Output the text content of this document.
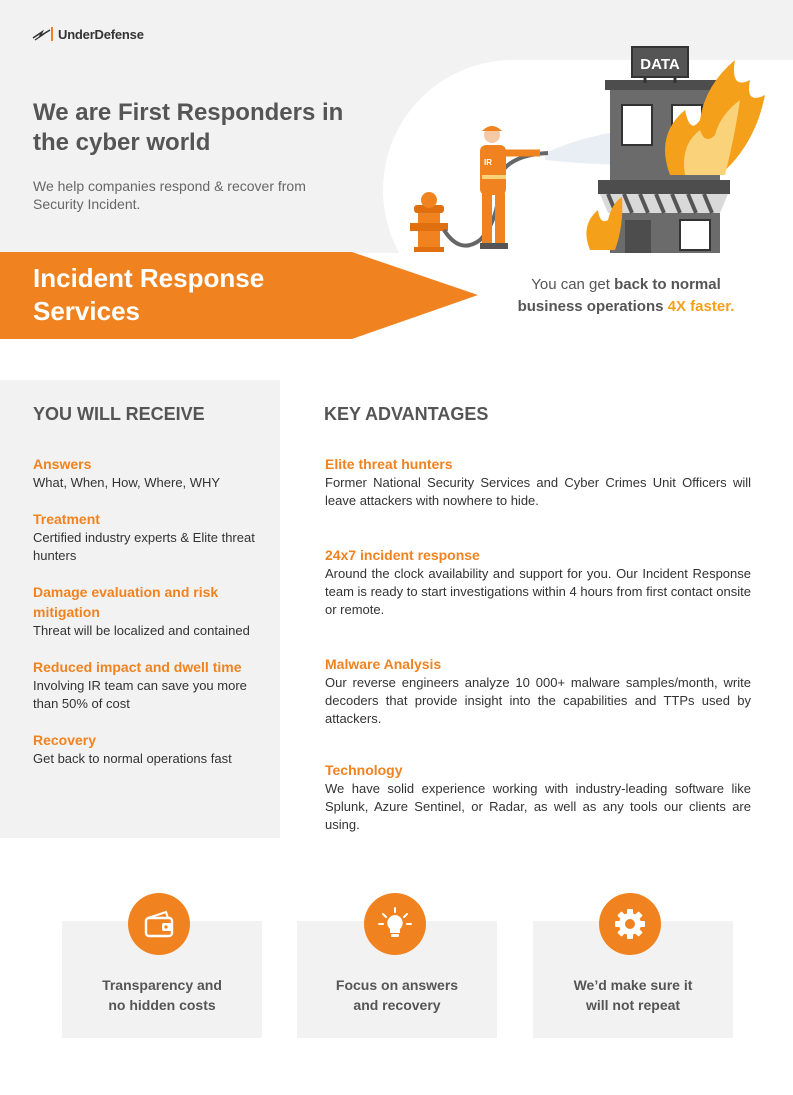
UnderDefense
We are First Responders in the cyber world

We help companies respond & recover from Security Incident.

DATA
IR
Incident Response Services

You can get back to normal business operations 4X faster.

YOU WILL RECEIVE
Answers
What, When, How, Where, WHY
Treatment
Certified industry experts & Elite threat hunters
Damage evaluation and risk mitigation
Threat will be localized and contained
Reduced impact and dwell time
Involving IR team can save you more than 50% of cost
Recovery
Get back to normal operations fast
KEY ADVANTAGES
Elite threat hunters
Former National Security Services and Cyber Crimes Unit Officers will leave attackers with nowhere to hide.
24x7 incident response
Around the clock availability and support for you. Our Incident Response team is ready to start investigations within 4 hours from first contact onsite or remote.
Malware Analysis
Our reverse engineers analyze 10 000+ malware samples/month, write decoders that provide insight into the capabilities and TTPs used by attackers.
Technology
We have solid experience working with industry-leading software like Splunk, Azure Sentinel, or Radar, as well as any tools our clients are using.
Transparency and
no hidden costs
Focus on answers
and recovery
We’d make sure it
will not repeat
